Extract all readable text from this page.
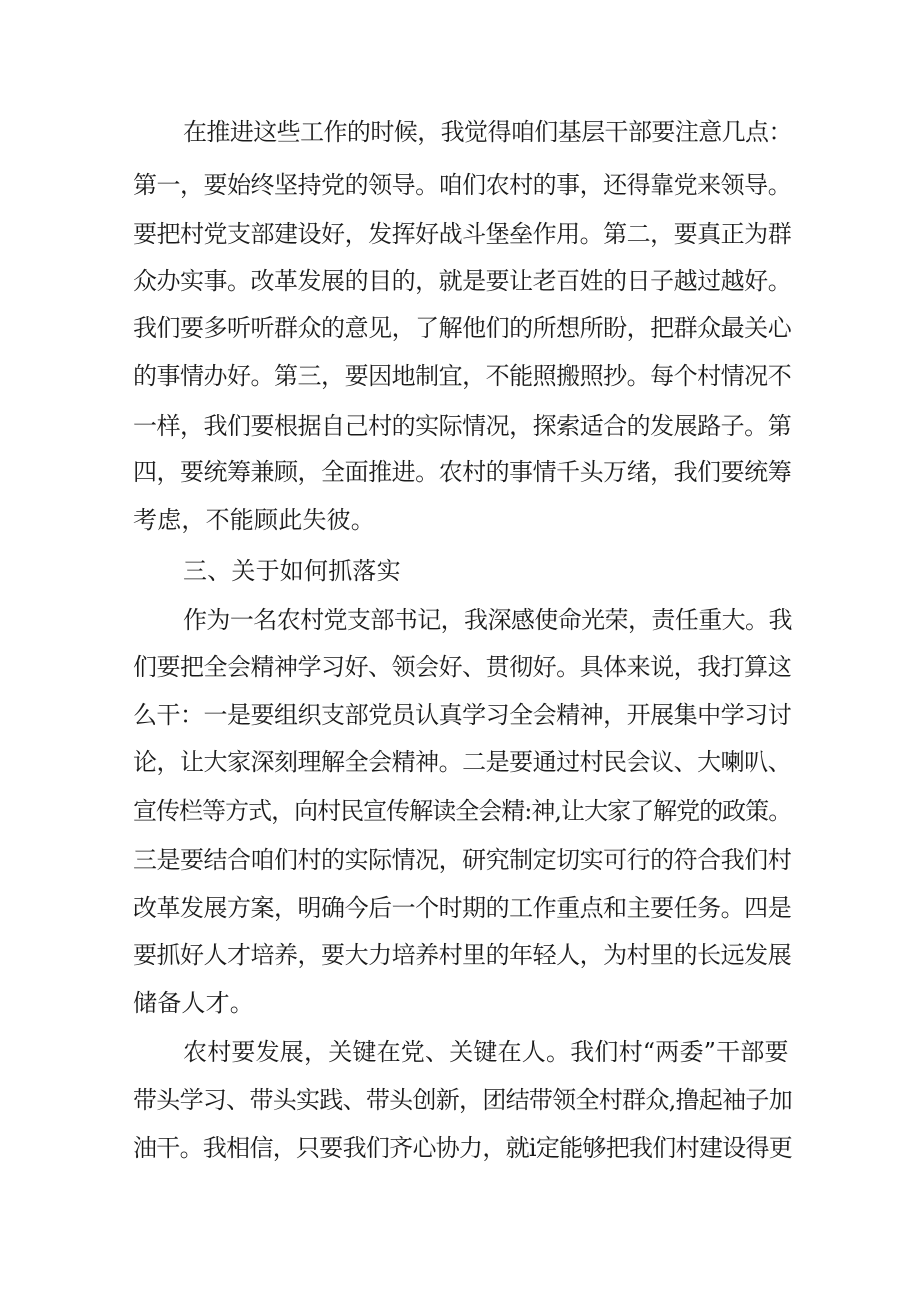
在推进这些工作的时候，我觉得咱们基层干部要注意几点：
第一，要始终坚持党的领导。咱们农村的事，还得靠党来领导。
要把村党支部建设好，发挥好战斗堡垒作用。第二，要真正为群
众办实事。改革发展的目的，就是要让老百姓的日子越过越好。
我们要多听听群众的意见，了解他们的所想所盼，把群众最关心
的事情办好。第三，要因地制宜，不能照搬照抄。每个村情况不
一样，我们要根据自己村的实际情况，探索适合的发展路子。第
四，要统筹兼顾，全面推进。农村的事情千头万绪，我们要统筹
考虑，不能顾此失彼。
三、关于如何抓落实
作为一名农村党支部书记，我深感使命光荣，责任重大。我
们要把全会精神学习好、领会好、贯彻好。具体来说，我打算这
么干：一是要组织支部党员认真学习全会精神，开展集中学习讨
论，让大家深刻理解全会精神。二是要通过村民会议、大喇叭、
宣传栏等方式，向村民宣传解读全会精:神,让大家了解党的政策。
三是要结合咱们村的实际情况，研究制定切实可行的符合我们村
改革发展方案，明确今后一个时期的工作重点和主要任务。四是
要抓好人才培养，要大力培养村里的年轻人，为村里的长远发展
储备人才。
农村要发展，关键在党、关键在人。我们村“两委”干部要
带头学习、带头实践、带头创新，团结带领全村群众,撸起袖子加
油干。我相信，只要我们齐心协力，就i定能够把我们村建设得更
